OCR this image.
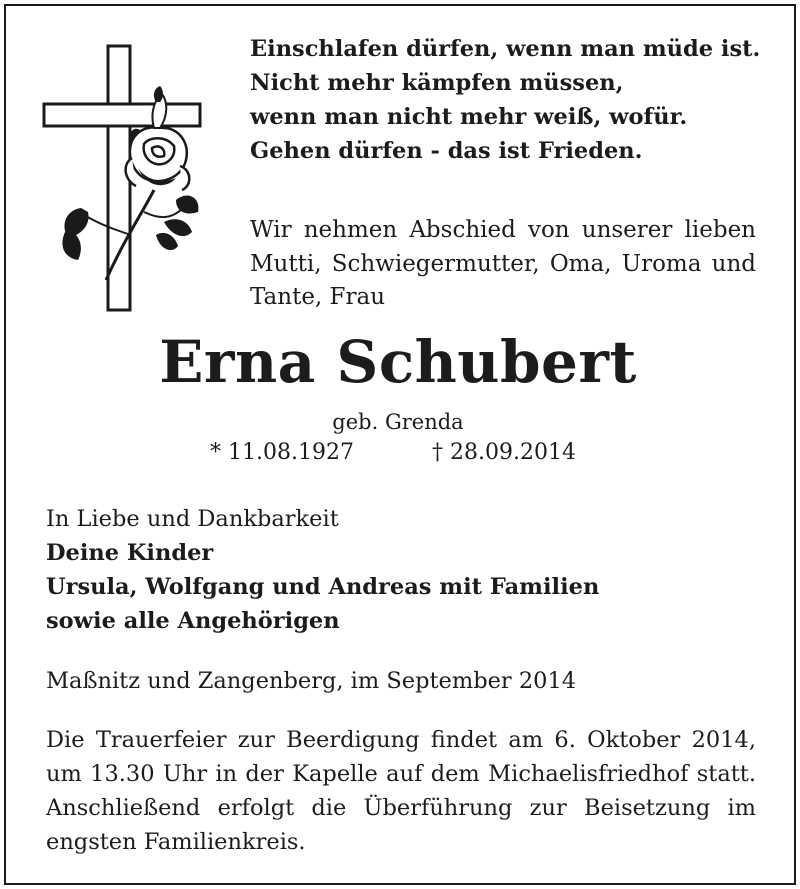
Einschlafen dürfen, wenn man müde ist.
Nicht mehr kämpfen müssen,
wenn man nicht mehr weiß, wofür.
Gehen dürfen - das ist Frieden.
Wir nehmen Abschied von unserer lieben
Mutti, Schwiegermutter, Oma, Uroma und
Tante, Frau
Erna Schubert
geb. Grenda
* 11.08.1927	† 28.09.2014
In Liebe und Dankbarkeit
Deine Kinder
Ursula, Wolfgang und Andreas mit Familien
sowie alle Angehörigen
Maßnitz und Zangenberg, im September 2014
Die Trauerfeier zur Beerdigung findet am 6. Oktober 2014,
um 13.30 Uhr in der Kapelle auf dem Michaelisfriedhof statt.
Anschließend erfolgt die Überführung zur Beisetzung im
engsten Familienkreis.
